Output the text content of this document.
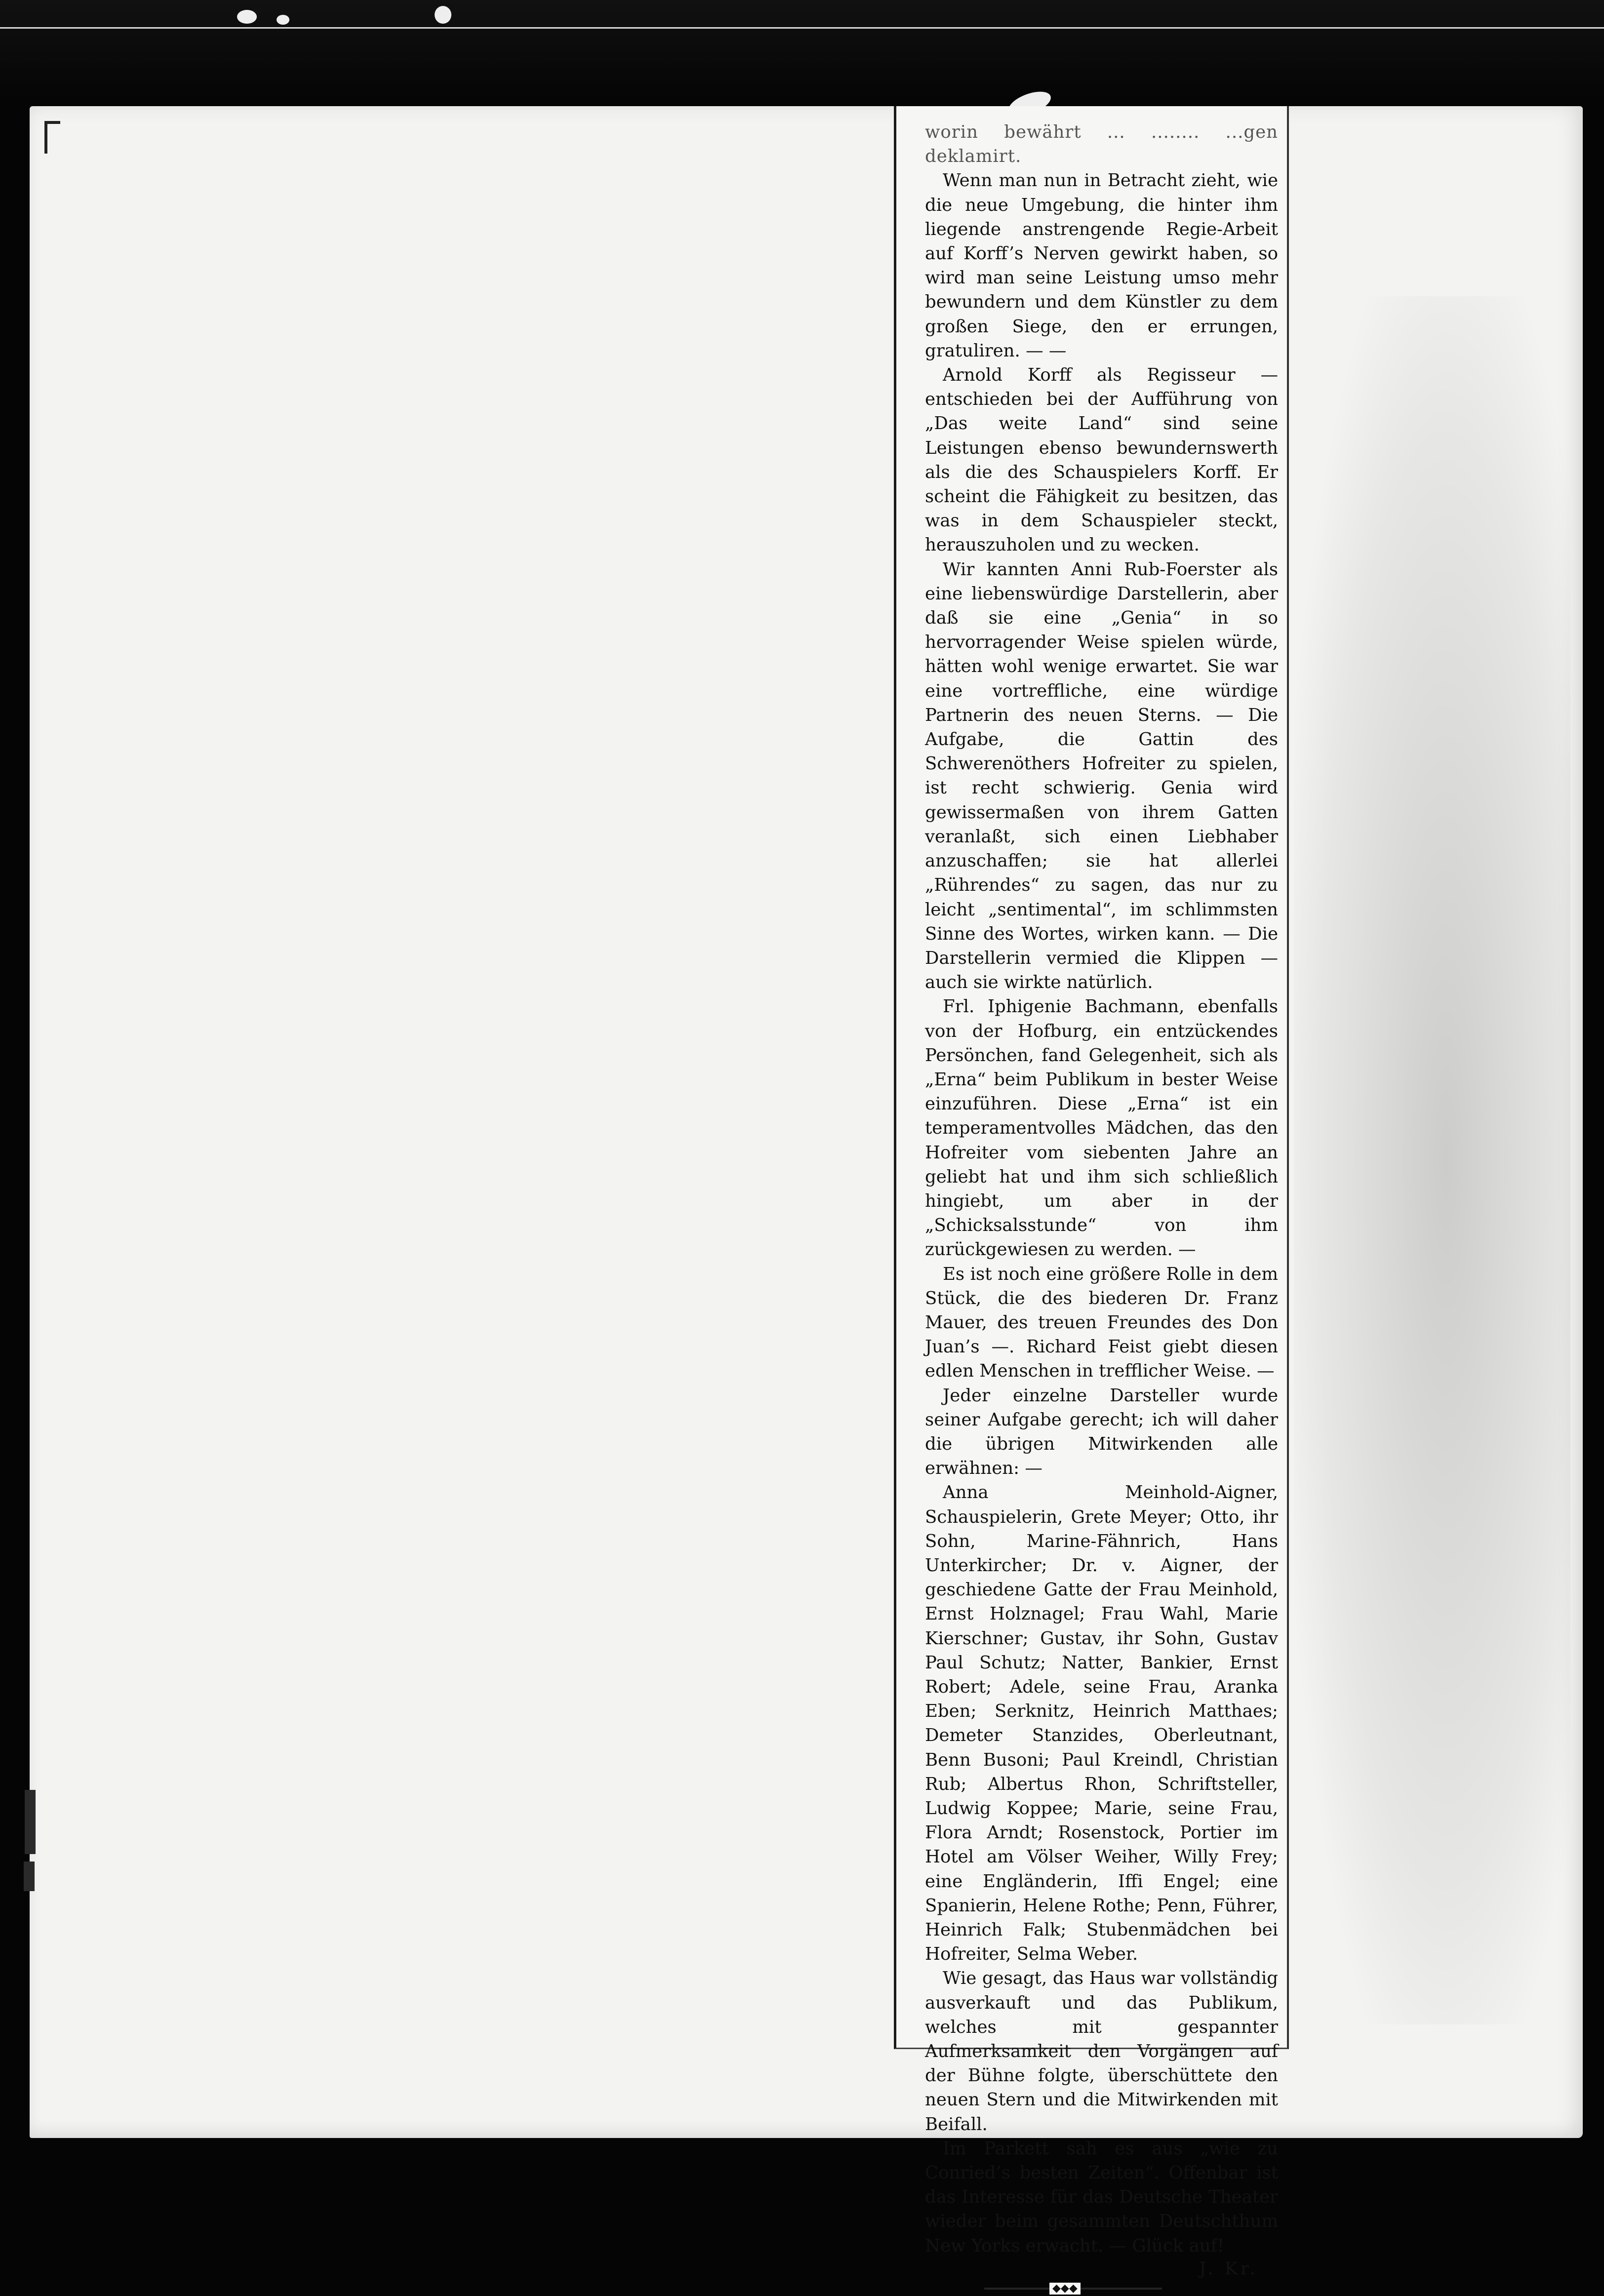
worin bewährt ... ........ ...gen deklamirt.

Wenn man nun in Betracht zieht, wie die neue Umgebung, die hinter ihm liegende anstrengende Regie-Arbeit auf Korff’s Nerven gewirkt haben, so wird man seine Leistung umso mehr bewundern und dem Künstler zu dem großen Siege, den er errungen, gratuliren. — —

Arnold Korff als Regisseur — entschieden bei der Aufführung von „Das weite Land“ sind seine Leistungen ebenso bewundernswerth als die des Schauspielers Korff. Er scheint die Fähigkeit zu besitzen, das was in dem Schauspieler steckt, herauszuholen und zu wecken.

Wir kannten Anni Rub-Foerster als eine liebenswürdige Darstellerin, aber daß sie eine „Genia“ in so hervorragender Weise spielen würde, hätten wohl wenige erwartet. Sie war eine vortreffliche, eine würdige Partnerin des neuen Sterns. — Die Aufgabe, die Gattin des Schwerenöthers Hofreiter zu spielen, ist recht schwierig. Genia wird gewissermaßen von ihrem Gatten veranlaßt, sich einen Liebhaber anzuschaffen; sie hat allerlei „Rührendes“ zu sagen, das nur zu leicht „sentimental“, im schlimmsten Sinne des Wortes, wirken kann. — Die Darstellerin vermied die Klippen — auch sie wirkte natürlich.

Frl. Iphigenie Bachmann, ebenfalls von der Hofburg, ein entzückendes Persönchen, fand Gelegenheit, sich als „Erna“ beim Publikum in bester Weise einzuführen. Diese „Erna“ ist ein temperamentvolles Mädchen, das den Hofreiter vom siebenten Jahre an geliebt hat und ihm sich schließlich hingiebt, um aber in der „Schicksalsstunde“ von ihm zurückgewiesen zu werden. —

Es ist noch eine größere Rolle in dem Stück, die des biederen Dr. Franz Mauer, des treuen Freundes des Don Juan’s —. Richard Feist giebt diesen edlen Menschen in trefflicher Weise. —

Jeder einzelne Darsteller wurde seiner Aufgabe gerecht; ich will daher die übrigen Mitwirkenden alle erwähnen: —

Anna Meinhold-Aigner, Schauspielerin, Grete Meyer; Otto, ihr Sohn, Marine-Fähnrich, Hans Unterkircher; Dr. v. Aigner, der geschiedene Gatte der Frau Meinhold, Ernst Holznagel; Frau Wahl, Marie Kierschner; Gustav, ihr Sohn, Gustav Paul Schutz; Natter, Bankier, Ernst Robert; Adele, seine Frau, Aranka Eben; Serknitz, Heinrich Matthaes; Demeter Stanzides, Oberleutnant, Benn Busoni; Paul Kreindl, Christian Rub; Albertus Rhon, Schriftsteller, Ludwig Koppee; Marie, seine Frau, Flora Arndt; Rosenstock, Portier im Hotel am Völser Weiher, Willy Frey; eine Engländerin, Iffi Engel; eine Spanierin, Helene Rothe; Penn, Führer, Heinrich Falk; Stubenmädchen bei Hofreiter, Selma Weber.

Wie gesagt, das Haus war vollständig ausverkauft und das Publikum, welches mit gespannter Aufmerksamkeit den Vorgängen auf der Bühne folgte, überschüttete den neuen Stern und die Mitwirkenden mit Beifall.

Im Parkett sah es aus „wie zu Conried’s besten Zeiten“. Offenbar ist das Interesse für das Deutsche Theater wieder beim gesammten Deutschthum New Yorks erwacht. — Glück auf!

J. Kr.
◆◆◆
